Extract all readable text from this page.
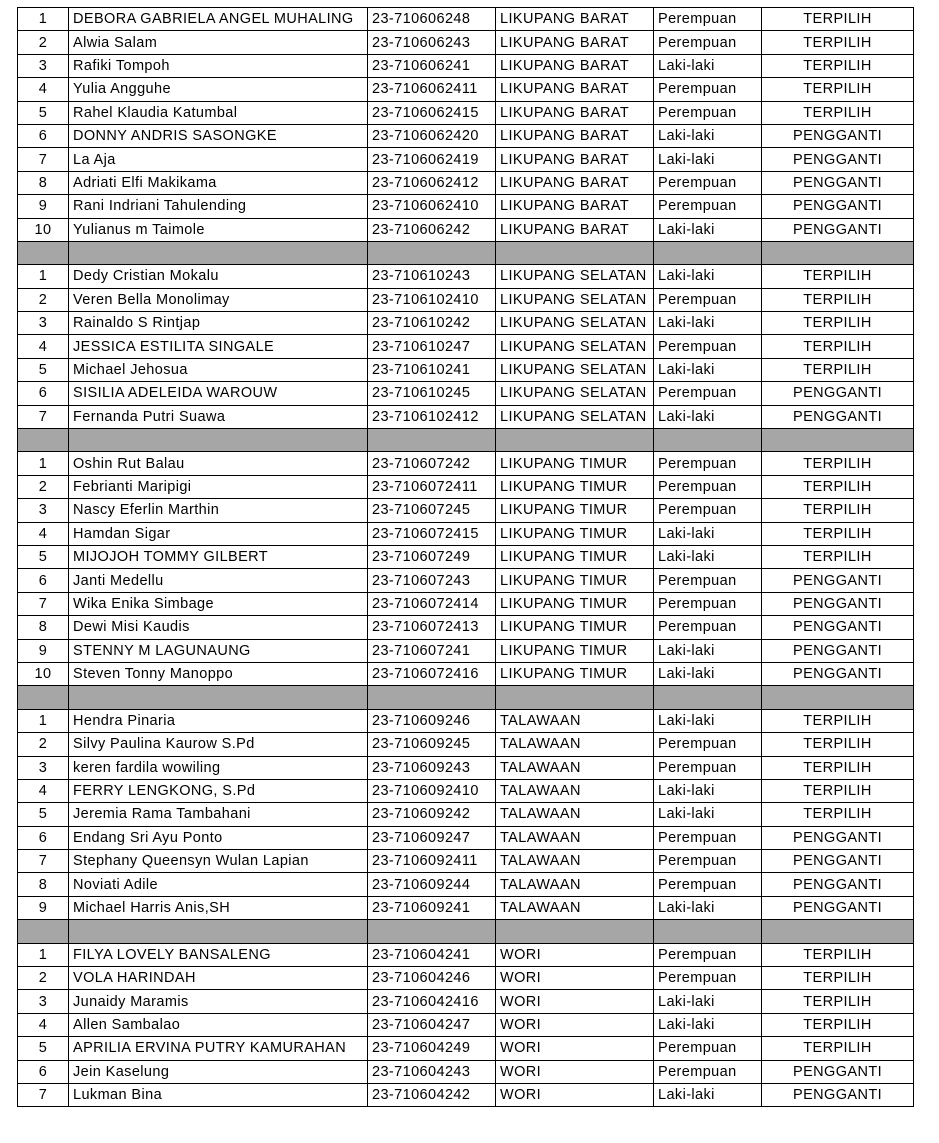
1	DEBORA GABRIELA ANGEL MUHALING	23-710606248	LIKUPANG BARAT	Perempuan	TERPILIH
2	Alwia Salam	23-710606243	LIKUPANG BARAT	Perempuan	TERPILIH
3	Rafiki Tompoh	23-710606241	LIKUPANG BARAT	Laki-laki	TERPILIH
4	Yulia Angguhe	23-7106062411	LIKUPANG BARAT	Perempuan	TERPILIH
5	Rahel Klaudia Katumbal	23-7106062415	LIKUPANG BARAT	Perempuan	TERPILIH
6	DONNY ANDRIS SASONGKE	23-7106062420	LIKUPANG BARAT	Laki-laki	PENGGANTI
7	La Aja	23-7106062419	LIKUPANG BARAT	Laki-laki	PENGGANTI
8	Adriati Elfi Makikama	23-7106062412	LIKUPANG BARAT	Perempuan	PENGGANTI
9	Rani Indriani Tahulending	23-7106062410	LIKUPANG BARAT	Perempuan	PENGGANTI
10	Yulianus m Taimole	23-710606242	LIKUPANG BARAT	Laki-laki	PENGGANTI

1	Dedy Cristian Mokalu	23-710610243	LIKUPANG SELATAN	Laki-laki	TERPILIH
2	Veren Bella Monolimay	23-7106102410	LIKUPANG SELATAN	Perempuan	TERPILIH
3	Rainaldo S Rintjap	23-710610242	LIKUPANG SELATAN	Laki-laki	TERPILIH
4	JESSICA ESTILITA SINGALE	23-710610247	LIKUPANG SELATAN	Perempuan	TERPILIH
5	Michael Jehosua	23-710610241	LIKUPANG SELATAN	Laki-laki	TERPILIH
6	SISILIA ADELEIDA WAROUW	23-710610245	LIKUPANG SELATAN	Perempuan	PENGGANTI
7	Fernanda Putri Suawa	23-7106102412	LIKUPANG SELATAN	Laki-laki	PENGGANTI

1	Oshin Rut Balau	23-710607242	LIKUPANG TIMUR	Perempuan	TERPILIH
2	Febrianti Maripigi	23-7106072411	LIKUPANG TIMUR	Perempuan	TERPILIH
3	Nascy Eferlin Marthin	23-710607245	LIKUPANG TIMUR	Perempuan	TERPILIH
4	Hamdan Sigar	23-7106072415	LIKUPANG TIMUR	Laki-laki	TERPILIH
5	MIJOJOH TOMMY GILBERT	23-710607249	LIKUPANG TIMUR	Laki-laki	TERPILIH
6	Janti Medellu	23-710607243	LIKUPANG TIMUR	Perempuan	PENGGANTI
7	Wika Enika Simbage	23-7106072414	LIKUPANG TIMUR	Perempuan	PENGGANTI
8	Dewi Misi Kaudis	23-7106072413	LIKUPANG TIMUR	Perempuan	PENGGANTI
9	STENNY M LAGUNAUNG	23-710607241	LIKUPANG TIMUR	Laki-laki	PENGGANTI
10	Steven Tonny Manoppo	23-7106072416	LIKUPANG TIMUR	Laki-laki	PENGGANTI

1	Hendra Pinaria	23-710609246	TALAWAAN	Laki-laki	TERPILIH
2	Silvy Paulina Kaurow S.Pd	23-710609245	TALAWAAN	Perempuan	TERPILIH
3	keren fardila wowiling	23-710609243	TALAWAAN	Perempuan	TERPILIH
4	FERRY LENGKONG, S.Pd	23-7106092410	TALAWAAN	Laki-laki	TERPILIH
5	Jeremia Rama Tambahani	23-710609242	TALAWAAN	Laki-laki	TERPILIH
6	Endang Sri Ayu Ponto	23-710609247	TALAWAAN	Perempuan	PENGGANTI
7	Stephany Queensyn Wulan Lapian	23-7106092411	TALAWAAN	Perempuan	PENGGANTI
8	Noviati Adile	23-710609244	TALAWAAN	Perempuan	PENGGANTI
9	Michael Harris Anis,SH	23-710609241	TALAWAAN	Laki-laki	PENGGANTI

1	FILYA LOVELY BANSALENG	23-710604241	WORI	Perempuan	TERPILIH
2	VOLA HARINDAH	23-710604246	WORI	Perempuan	TERPILIH
3	Junaidy Maramis	23-7106042416	WORI	Laki-laki	TERPILIH
4	Allen Sambalao	23-710604247	WORI	Laki-laki	TERPILIH
5	APRILIA ERVINA PUTRY KAMURAHAN	23-710604249	WORI	Perempuan	TERPILIH
6	Jein Kaselung	23-710604243	WORI	Perempuan	PENGGANTI
7	Lukman Bina	23-710604242	WORI	Laki-laki	PENGGANTI
